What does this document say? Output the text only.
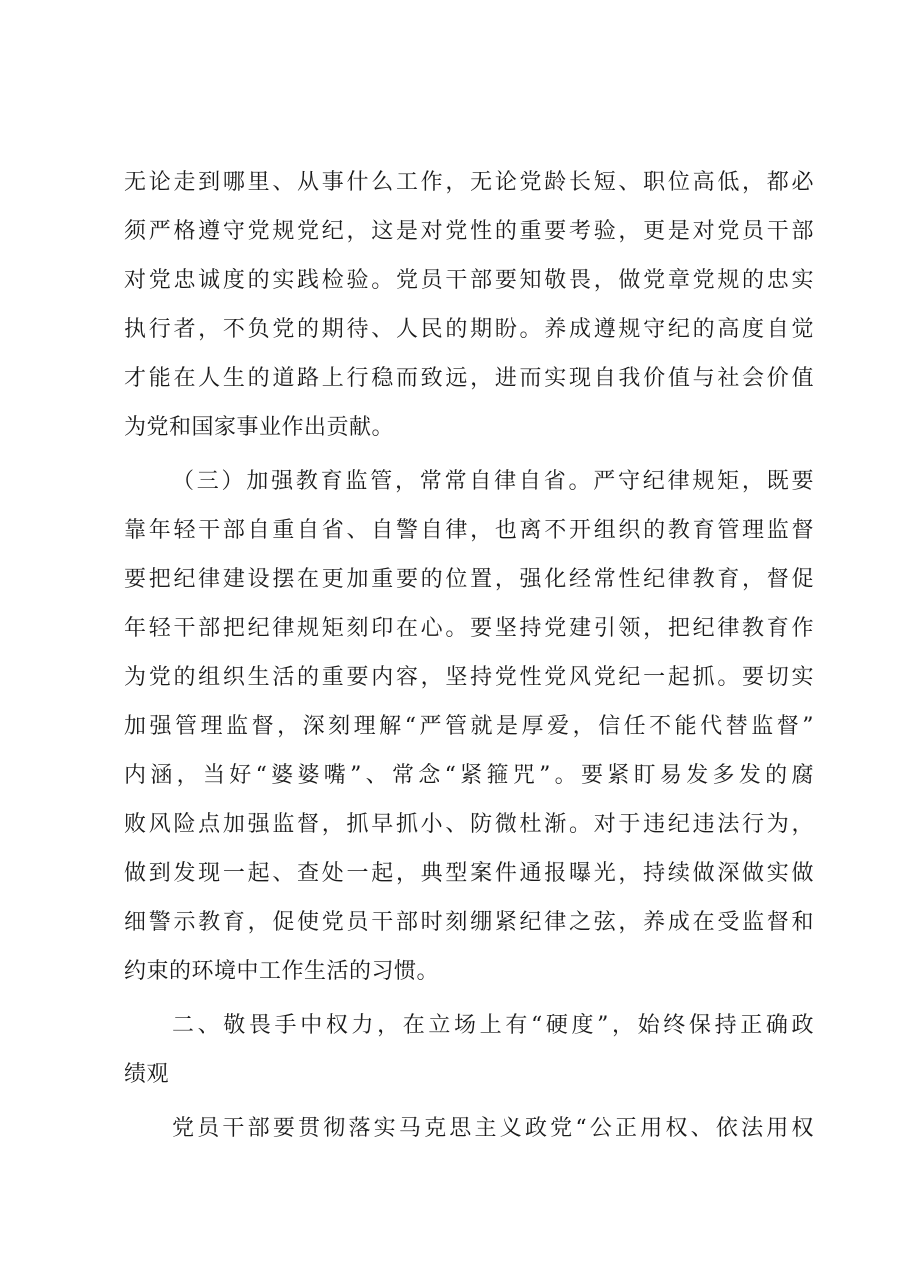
无论走到哪里、从事什么工作，无论党龄长短、职位高低，都必
须严格遵守党规党纪，这是对党性的重要考验，更是对党员干部
对党忠诚度的实践检验。党员干部要知敬畏，做党章党规的忠实
执行者，不负党的期待、人民的期盼。养成遵规守纪的高度自觉
才能在人生的道路上行稳而致远，进而实现自我价值与社会价值
为党和国家事业作出贡献。
（三）加强教育监管，常常自律自省。严守纪律规矩，既要
靠年轻干部自重自省、自警自律，也离不开组织的教育管理监督
要把纪律建设摆在更加重要的位置，强化经常性纪律教育，督促
年轻干部把纪律规矩刻印在心。要坚持党建引领，把纪律教育作
为党的组织生活的重要内容，坚持党性党风党纪一起抓。要切实
加强管理监督，深刻理解“严管就是厚爱，信任不能代替监督”
内涵，当好“婆婆嘴”、常念“紧箍咒”。要紧盯易发多发的腐
败风险点加强监督，抓早抓小、防微杜渐。对于违纪违法行为，
做到发现一起、查处一起，典型案件通报曝光，持续做深做实做
细警示教育，促使党员干部时刻绷紧纪律之弦，养成在受监督和
约束的环境中工作生活的习惯。
二、敬畏手中权力，在立场上有“硬度”，始终保持正确政
绩观
党员干部要贯彻落实马克思主义政党“公正用权、依法用权
